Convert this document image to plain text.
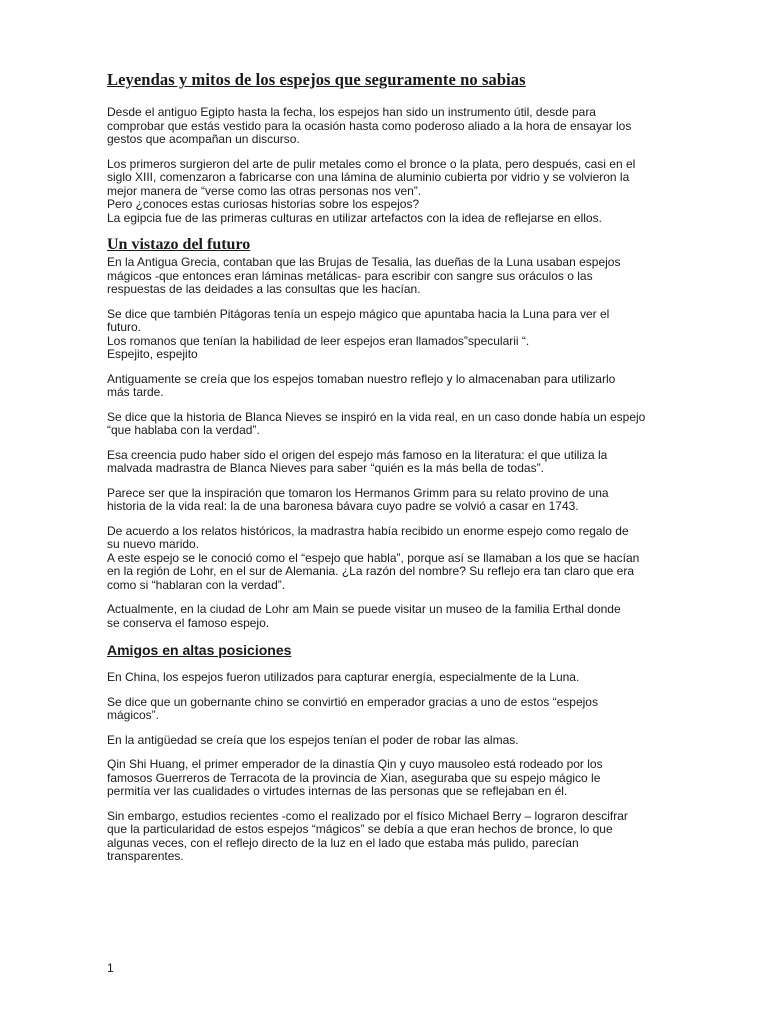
Leyendas y mitos de los espejos que seguramente no sabias
Desde el antiguo Egipto hasta la fecha, los espejos han sido un instrumento útil, desde para
comprobar que estás vestido para la ocasión hasta como poderoso aliado a la hora de ensayar los
gestos que acompañan un discurso.
Los primeros surgieron del arte de pulir metales como el bronce o la plata, pero después, casi en el
siglo XIII, comenzaron a fabricarse con una lámina de aluminio cubierta por vidrio y se volvieron la
mejor manera de “verse como las otras personas nos ven”.
Pero ¿conoces estas curiosas historias sobre los espejos?
La egipcia fue de las primeras culturas en utilizar artefactos con la idea de reflejarse en ellos.
Un vistazo del futuro
En la Antigua Grecia, contaban que las Brujas de Tesalia, las dueñas de la Luna usaban espejos
mágicos -que entonces eran láminas metálicas- para escribir con sangre sus oráculos o las
respuestas de las deidades a las consultas que les hacían.
Se dice que también Pitágoras tenía un espejo mágico que apuntaba hacia la Luna para ver el
futuro.
Los romanos que tenían la habilidad de leer espejos eran llamados”specularii “.
Espejito, espejito
Antiguamente se creía que los espejos tomaban nuestro reflejo y lo almacenaban para utilizarlo
más tarde.
Se dice que la historia de Blanca Nieves se inspiró en la vida real, en un caso donde había un espejo
“que hablaba con la verdad”.
Esa creencia pudo haber sido el origen del espejo más famoso en la literatura: el que utiliza la
malvada madrastra de Blanca Nieves para saber “quién es la más bella de todas”.
Parece ser que la inspiración que tomaron los Hermanos Grimm para su relato provino de una
historia de la vida real: la de una baronesa bávara cuyo padre se volvió a casar en 1743.
De acuerdo a los relatos históricos, la madrastra había recibido un enorme espejo como regalo de
su nuevo marido.
A este espejo se le conoció como el “espejo que habla”, porque así se llamaban a los que se hacían
en la región de Lohr, en el sur de Alemania. ¿La razón del nombre? Su reflejo era tan claro que era
como si “hablaran con la verdad”.
Actualmente, en la ciudad de Lohr am Main se puede visitar un museo de la familia Erthal donde
se conserva el famoso espejo.
Amigos en altas posiciones
En China, los espejos fueron utilizados para capturar energía, especialmente de la Luna.
Se dice que un gobernante chino se convirtió en emperador gracias a uno de estos “espejos
mágicos”.
En la antigüedad se creía que los espejos tenían el poder de robar las almas.
Qin Shi Huang, el primer emperador de la dinastía Qin y cuyo mausoleo está rodeado por los
famosos Guerreros de Terracota de la provincia de Xian, aseguraba que su espejo mágico le
permitía ver las cualidades o virtudes internas de las personas que se reflejaban en él.
Sin embargo, estudios recientes -como el realizado por el físico Michael Berry – lograron descifrar
que la particularidad de estos espejos “mágicos” se debía a que eran hechos de bronce, lo que
algunas veces, con el reflejo directo de la luz en el lado que estaba más pulido, parecían
transparentes.
1
